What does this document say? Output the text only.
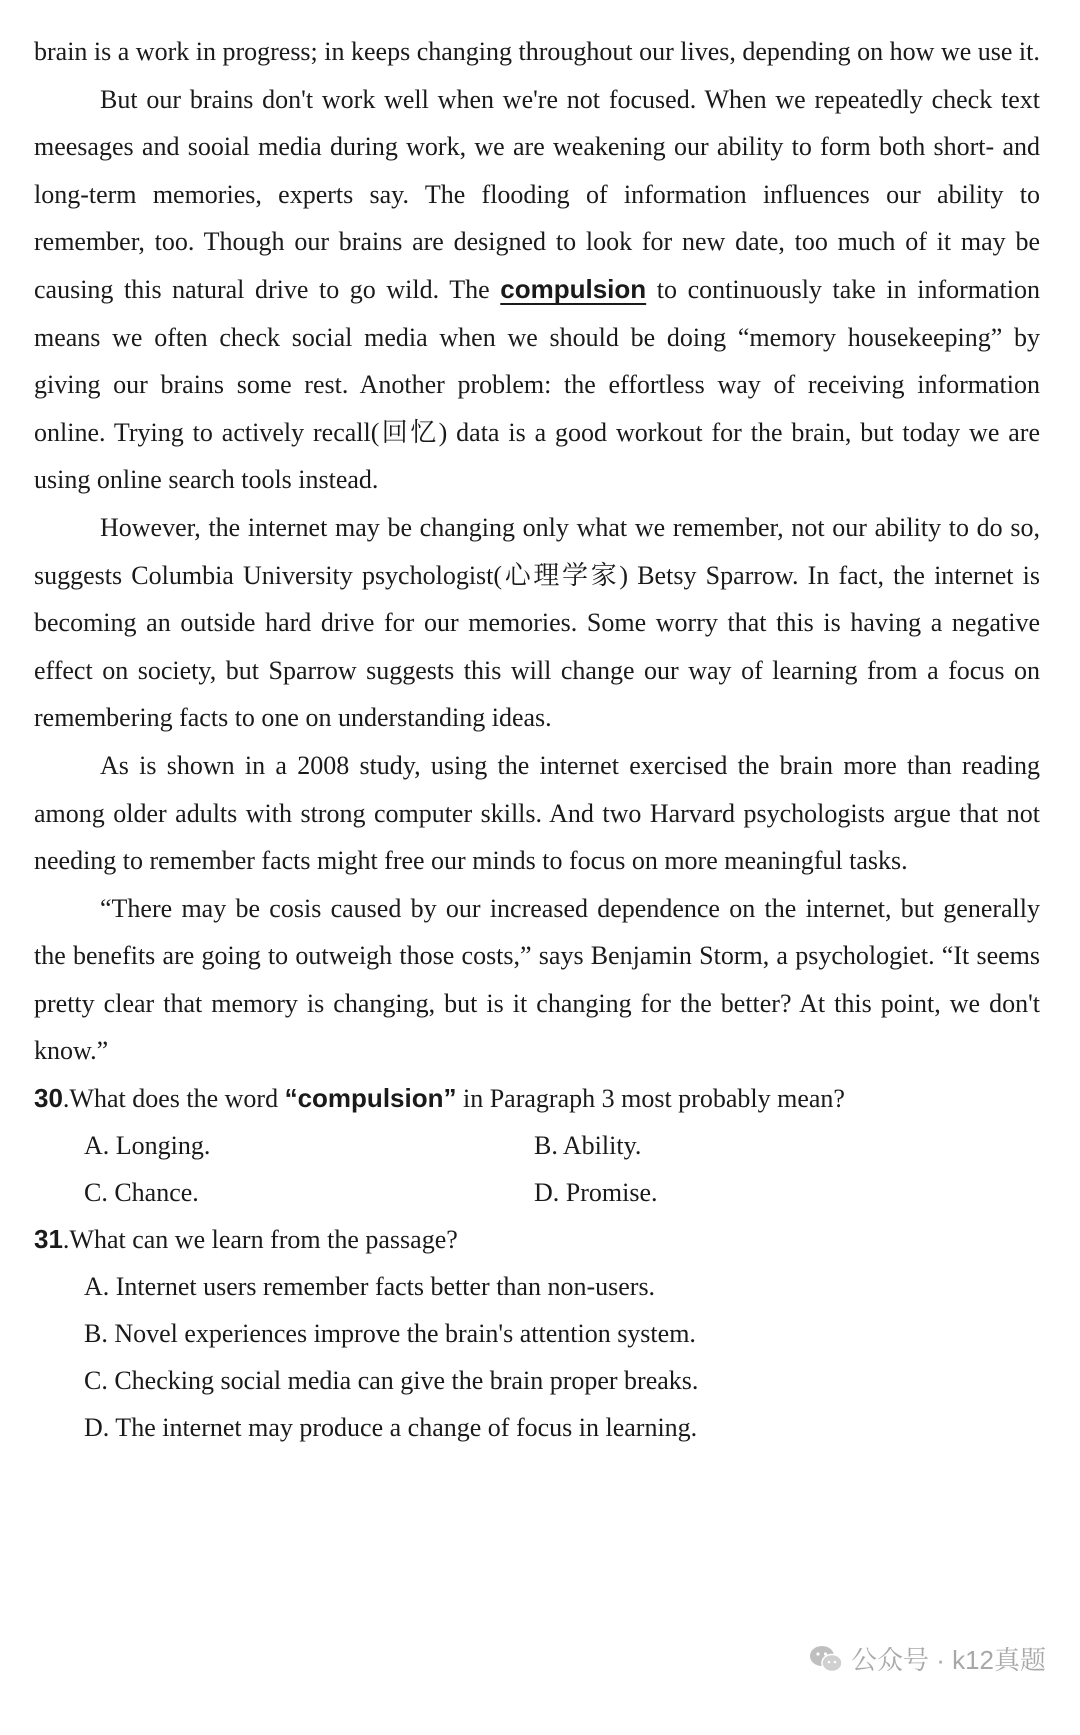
brain is a work in progress; in keeps changing throughout our lives, depending on how we use it.

But our brains don't work well when we're not focused. When we repeatedly check text meesages and sooial media during work, we are weakening our ability to form both short- and long-term memories, experts say. The flooding of information influences our ability to remember, too. Though our brains are designed to look for new date, too much of it may be causing this natural drive to go wild. The compulsion to continuously take in information means we often check social media when we should be doing “memory housekeeping” by giving our brains some rest. Another problem: the effortless way of receiving information online. Trying to actively recall(回忆) data is a good workout for the brain, but today we are using online search tools instead.

However, the internet may be changing only what we remember, not our ability to do so, suggests Columbia University psychologist(心理学家) Betsy Sparrow. In fact, the internet is becoming an outside hard drive for our memories. Some worry that this is having a negative effect on society, but Sparrow suggests this will change our way of learning from a focus on remembering facts to one on understanding ideas.

As is shown in a 2008 study, using the internet exercised the brain more than reading among older adults with strong computer skills. And two Harvard psychologists argue that not needing to remember facts might free our minds to focus on more meaningful tasks.

“There may be cosis caused by our increased dependence on the internet, but generally the benefits are going to outweigh those costs,” says Benjamin Storm, a psychologiet. “It seems pretty clear that memory is changing, but is it changing for the better? At this point, we don't know.”

30.What does the word “compulsion” in Paragraph 3 most probably mean?

A. Longing.	B. Ability.
C. Chance.	D. Promise.

31.What can we learn from the passage?

A. Internet users remember facts better than non-users.
B. Novel experiences improve the brain's attention system.
C. Checking social media can give the brain proper breaks.
D. The internet may produce a change of focus in learning.
公众号 · k12真题
